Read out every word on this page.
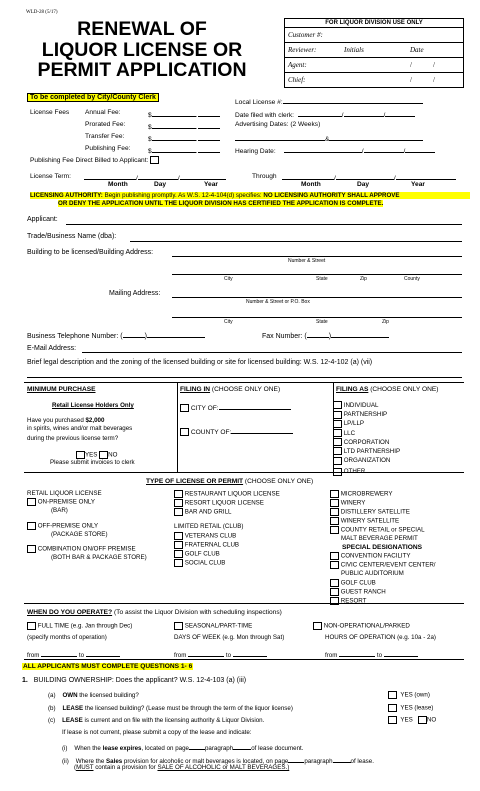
WLD-28 (5/17)
RENEWAL OF
LIQUOR LICENSE OR
PERMIT APPLICATION
FOR LIQUOR DIVISION USE ONLY		
Customer #:		
Reviewer:	Initials	Date
Agent:		/            /
Chief:		/            /
To be completed by City/County Clerk
Local License #:
License Fees Annual Fee:	$	.
Prorated Fee:	$	.
Transfer Fee:	$	.
Publishing Fee:	$	.
Date filed with clerk:	/	/
Advertising Dates: (2 Weeks)
&
Hearing Date:	/	/
Publishing Fee Direct Billed to Applicant:
License Term:	/	/	Through	/	/
Month	Day	Year	Month	Day	Year
LICENSING AUTHORITY: Begin publishing promptly. As W.S. 12-4-104(d) specifies: NO LICENSING AUTHORITY SHALL APPROVE
OR DENY THE APPLICATION UNTIL THE LIQUOR DIVISION HAS CERTIFIED THE APPLICATION IS COMPLETE.
Applicant:
Trade/Business Name (dba):
Building to be licensed/Building Address:
Number & Street
City	State	Zip	County
Mailing Address:
Number & Street or P.O. Box
City	State	Zip
Business Telephone Number: (	)	Fax Number: (	)
E-Mail Address:
Brief legal description and the zoning of the licensed building or site for licensed building: W.S. 12-4-102 (a) (vii)
MINIMUM PURCHASE
Retail License Holders Only
Have you purchased $2,000
in spirits, wines and/or malt beverages
during the previous license term?
YES NO
Please submit invoices to clerk
FILING IN (CHOOSE ONLY ONE)
CITY OF:
COUNTY OF:
FILING AS (CHOOSE ONLY ONE)
INDIVIDUAL
PARTNERSHIP
LP/LLP
LLC
CORPORATION
LTD PARTNERSHIP
ORGANIZATION
OTHER
TYPE OF LICENSE OR PERMIT (CHOOSE ONLY ONE)
RETAIL LIQUOR LICENSE
ON-PREMISE ONLY
(BAR)
OFF-PREMISE ONLY
(PACKAGE STORE)
COMBINATION ON/OFF PREMISE
(BOTH BAR & PACKAGE STORE)
RESTAURANT LIQUOR LICENSE
RESORT LIQUOR LICENSE
BAR AND GRILL
LIMITED RETAIL (CLUB)
VETERANS CLUB
FRATERNAL CLUB
GOLF CLUB
SOCIAL CLUB
MICROBREWERY
WINERY
DISTILLERY SATELLITE
WINERY SATELLITE
COUNTY RETAIL or SPECIAL
MALT BEVERAGE PERMIT
SPECIAL DESIGNATIONS
CONVENTION FACILITY
CIVIC CENTER/EVENT CENTER/
PUBLIC AUDITORIUM
GOLF CLUB
GUEST RANCH
RESORT
WHEN DO YOU OPERATE? (To assist the Liquor Division with scheduling inspections)
FULL TIME (e.g. Jan through Dec)	SEASONAL/PART-TIME	NON-OPERATIONAL/PARKED
(specify months of operation)	DAYS OF WEEK (e.g. Mon through Sat)	HOURS OF OPERATION (e.g. 10a - 2a)
from	to	from	to	from	to
ALL APPLICANTS MUST COMPLETE QUESTIONS 1- 6
1. BUILDING OWNERSHIP: Does the applicant? W.S. 12-4-103 (a) (iii)
(a) OWN the licensed building?	YES (own)
(b) LEASE the licensed building? (Lease must be through the term of the liquor license)	YES (lease)
(c) LEASE is current and on file with the licensing authority & Liquor Division.	YES NO
If lease is not current, please submit a copy of the lease and indicate:
(i) When the lease expires, located on page	paragraph	of lease document.
(ii) Where the Sales provision for alcoholic or malt beverages is located, on page	paragraph	of lease.
(MUST contain a provision for SALE OF ALCOHOLIC or MALT BEVERAGES.)
